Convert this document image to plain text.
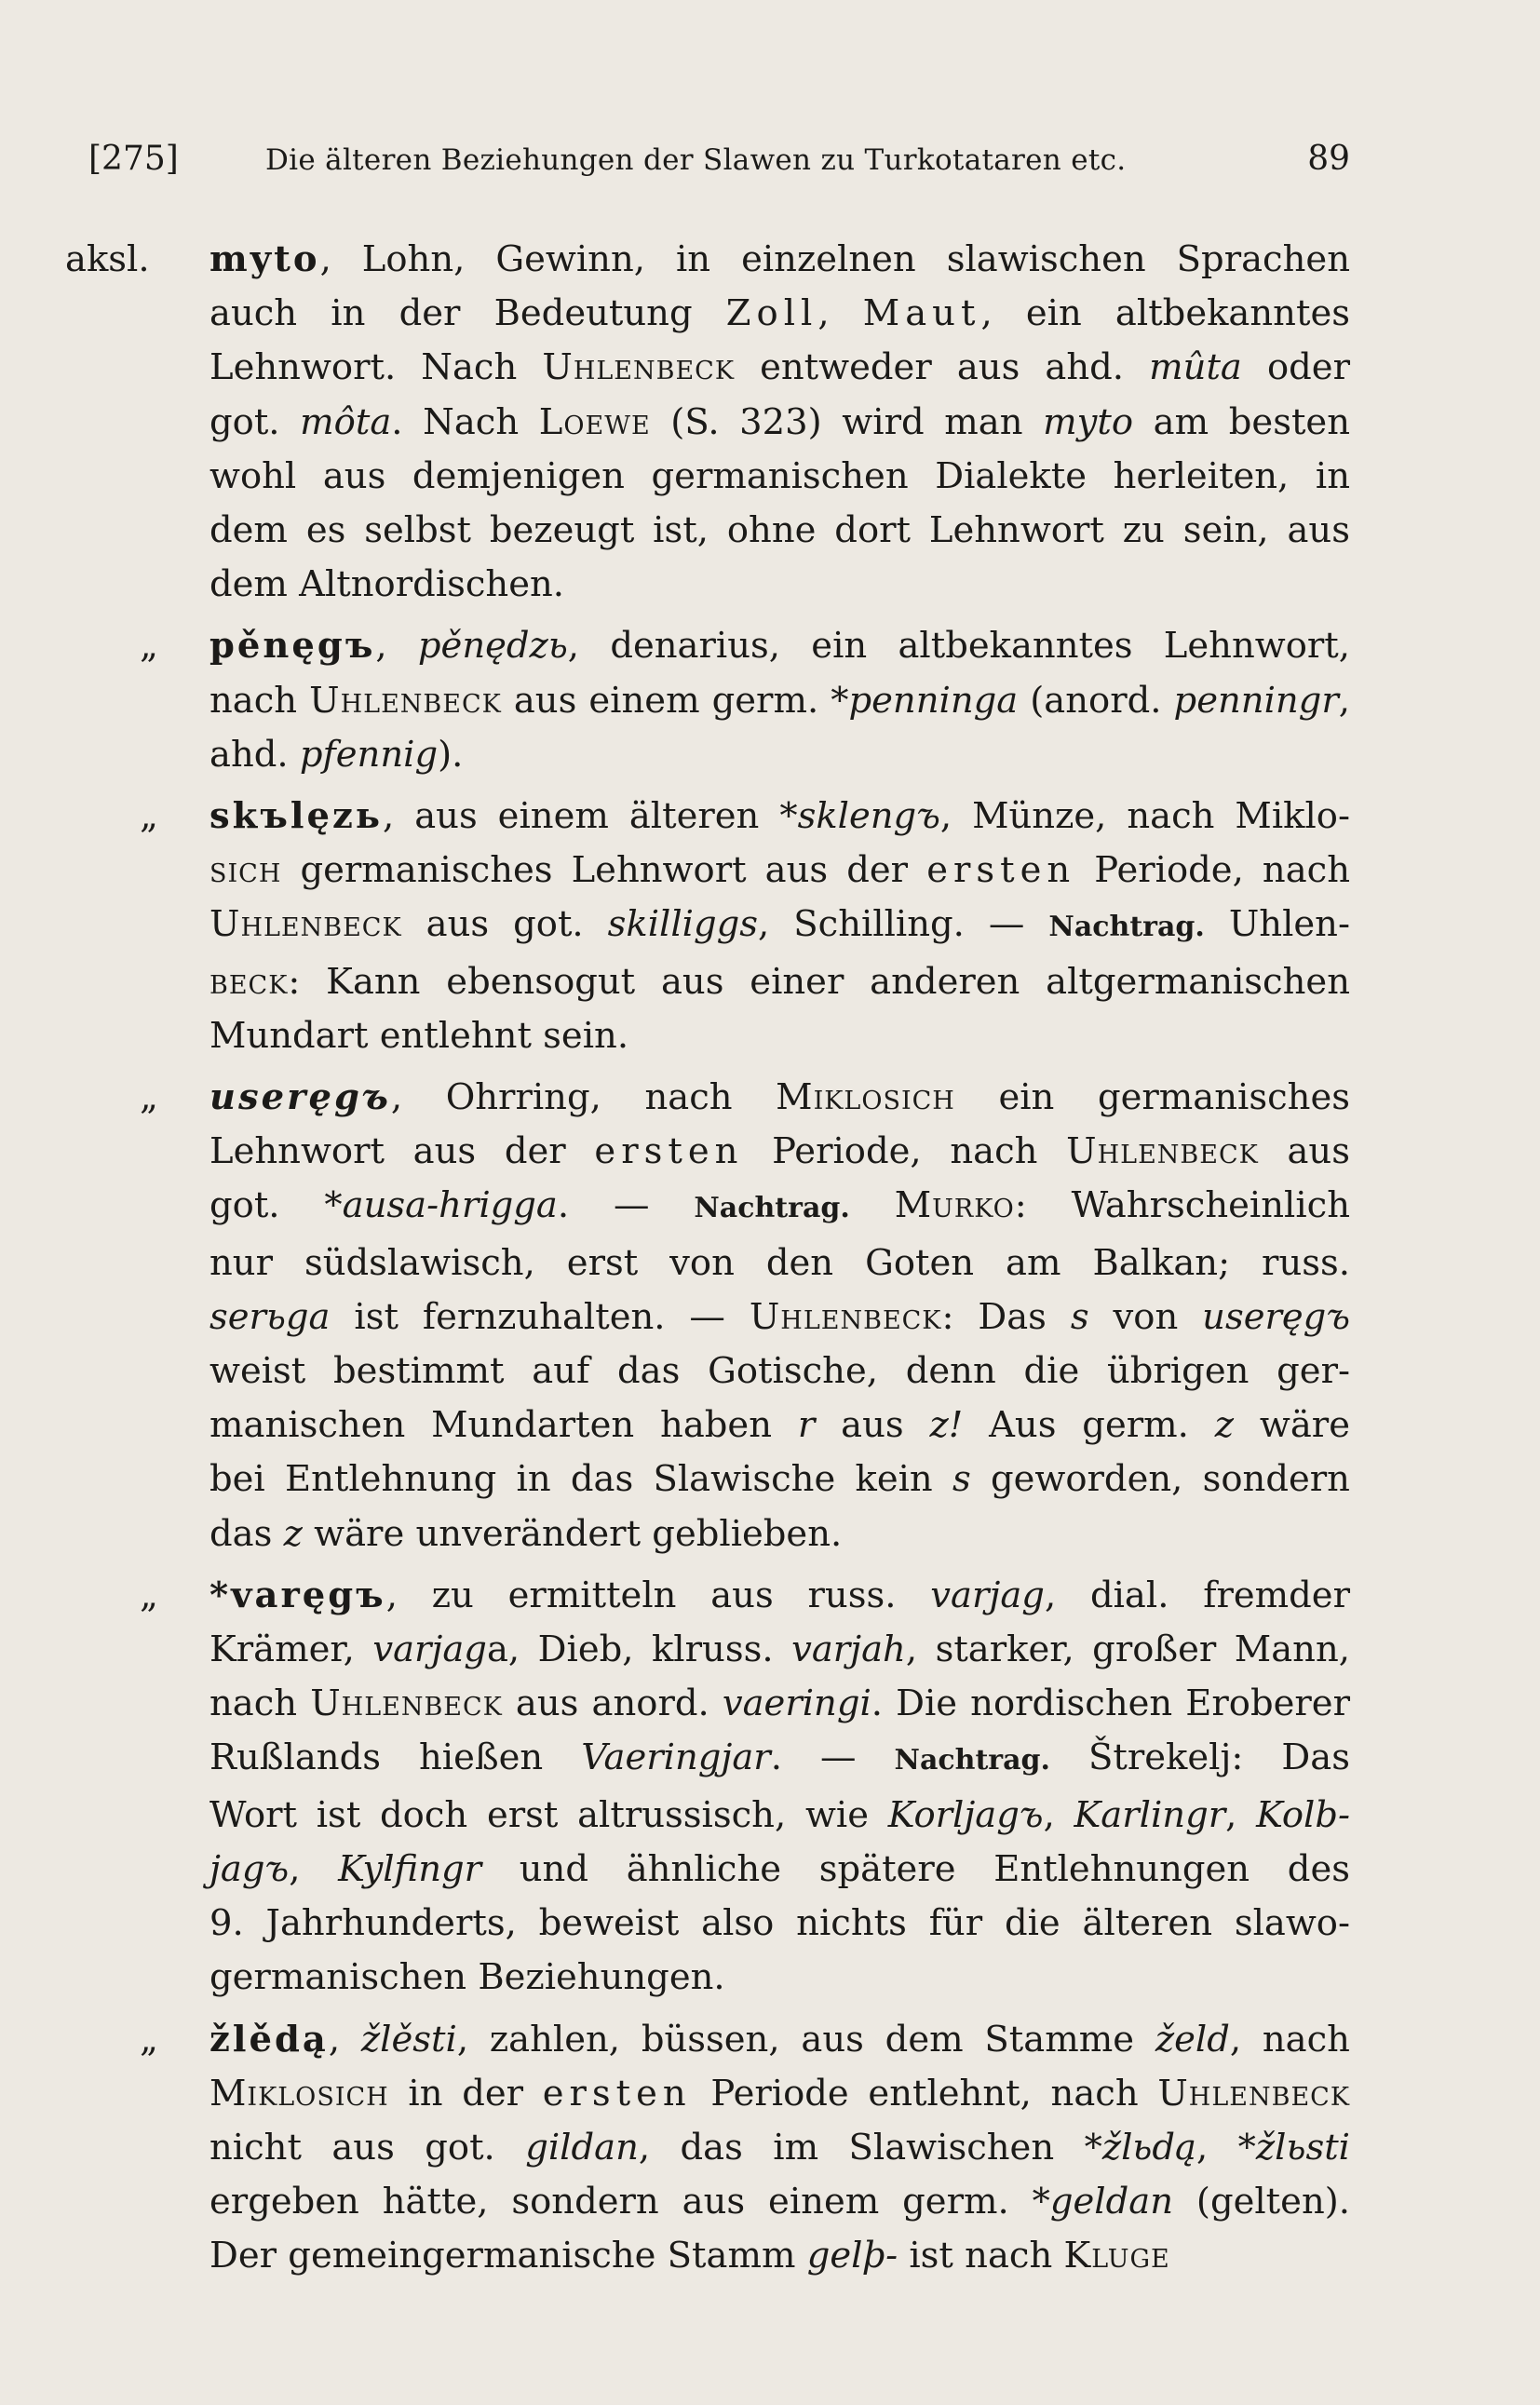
[275]	Die älteren Beziehungen der Slawen zu Turkotataren etc.	89
aksl. myto, Lohn, Gewinn, in einzelnen slawischen Sprachen
auch in der Bedeutung Zoll, Maut, ein altbekanntes
Lehnwort. Nach Uhlenbeck entweder aus ahd. mûta oder
got. môta. Nach Loewe (S. 323) wird man myto am besten
wohl aus demjenigen germanischen Dialekte herleiten, in
dem es selbst bezeugt ist, ohne dort Lehnwort zu sein, aus
dem Altnordischen.
„ pěnęgъ, pěnędzь, denarius, ein altbekanntes Lehnwort,
nach Uhlenbeck aus einem germ. *penninga (anord. penningr,
ahd. pfennig).
„ skъlęzь, aus einem älteren *sklengъ, Münze, nach Miklo-
sich germanisches Lehnwort aus der ersten Periode, nach
Uhlenbeck aus got. skilliggs, Schilling. — Nachtrag. Uhlen-
beck: Kann ebensogut aus einer anderen altgermanischen
Mundart entlehnt sein.
„ useręgъ, Ohrring, nach Miklosich ein germanisches
Lehnwort aus der ersten Periode, nach Uhlenbeck aus
got. *ausa-hrigga. — Nachtrag. Murko: Wahrscheinlich
nur südslawisch, erst von den Goten am Balkan; russ.
serьga ist fernzuhalten. — Uhlenbeck: Das s von useręgъ
weist bestimmt auf das Gotische, denn die übrigen ger-
manischen Mundarten haben r aus z! Aus germ. z wäre
bei Entlehnung in das Slawische kein s geworden, sondern
das z wäre unverändert geblieben.
„ *varęgъ, zu ermitteln aus russ. varjag, dial. fremder
Krämer, varjaga, Dieb, klruss. varjah, starker, großer Mann,
nach Uhlenbeck aus anord. vaeringi. Die nordischen Eroberer
Rußlands hießen Vaeringjar. — Nachtrag. Štrekelj: Das
Wort ist doch erst altrussisch, wie Korljagъ, Karlingr, Kolb-
jagъ, Kylfingr und ähnliche spätere Entlehnungen des
9. Jahrhunderts, beweist also nichts für die älteren slawo-
germanischen Beziehungen.
„ žlědą, žlěsti, zahlen, büssen, aus dem Stamme želd, nach
Miklosich in der ersten Periode entlehnt, nach Uhlenbeck
nicht aus got. gildan, das im Slawischen *žlьdą, *žlьsti
ergeben hätte, sondern aus einem germ. *geldan (gelten).
Der gemeingermanische Stamm gelþ- ist nach Kluge
